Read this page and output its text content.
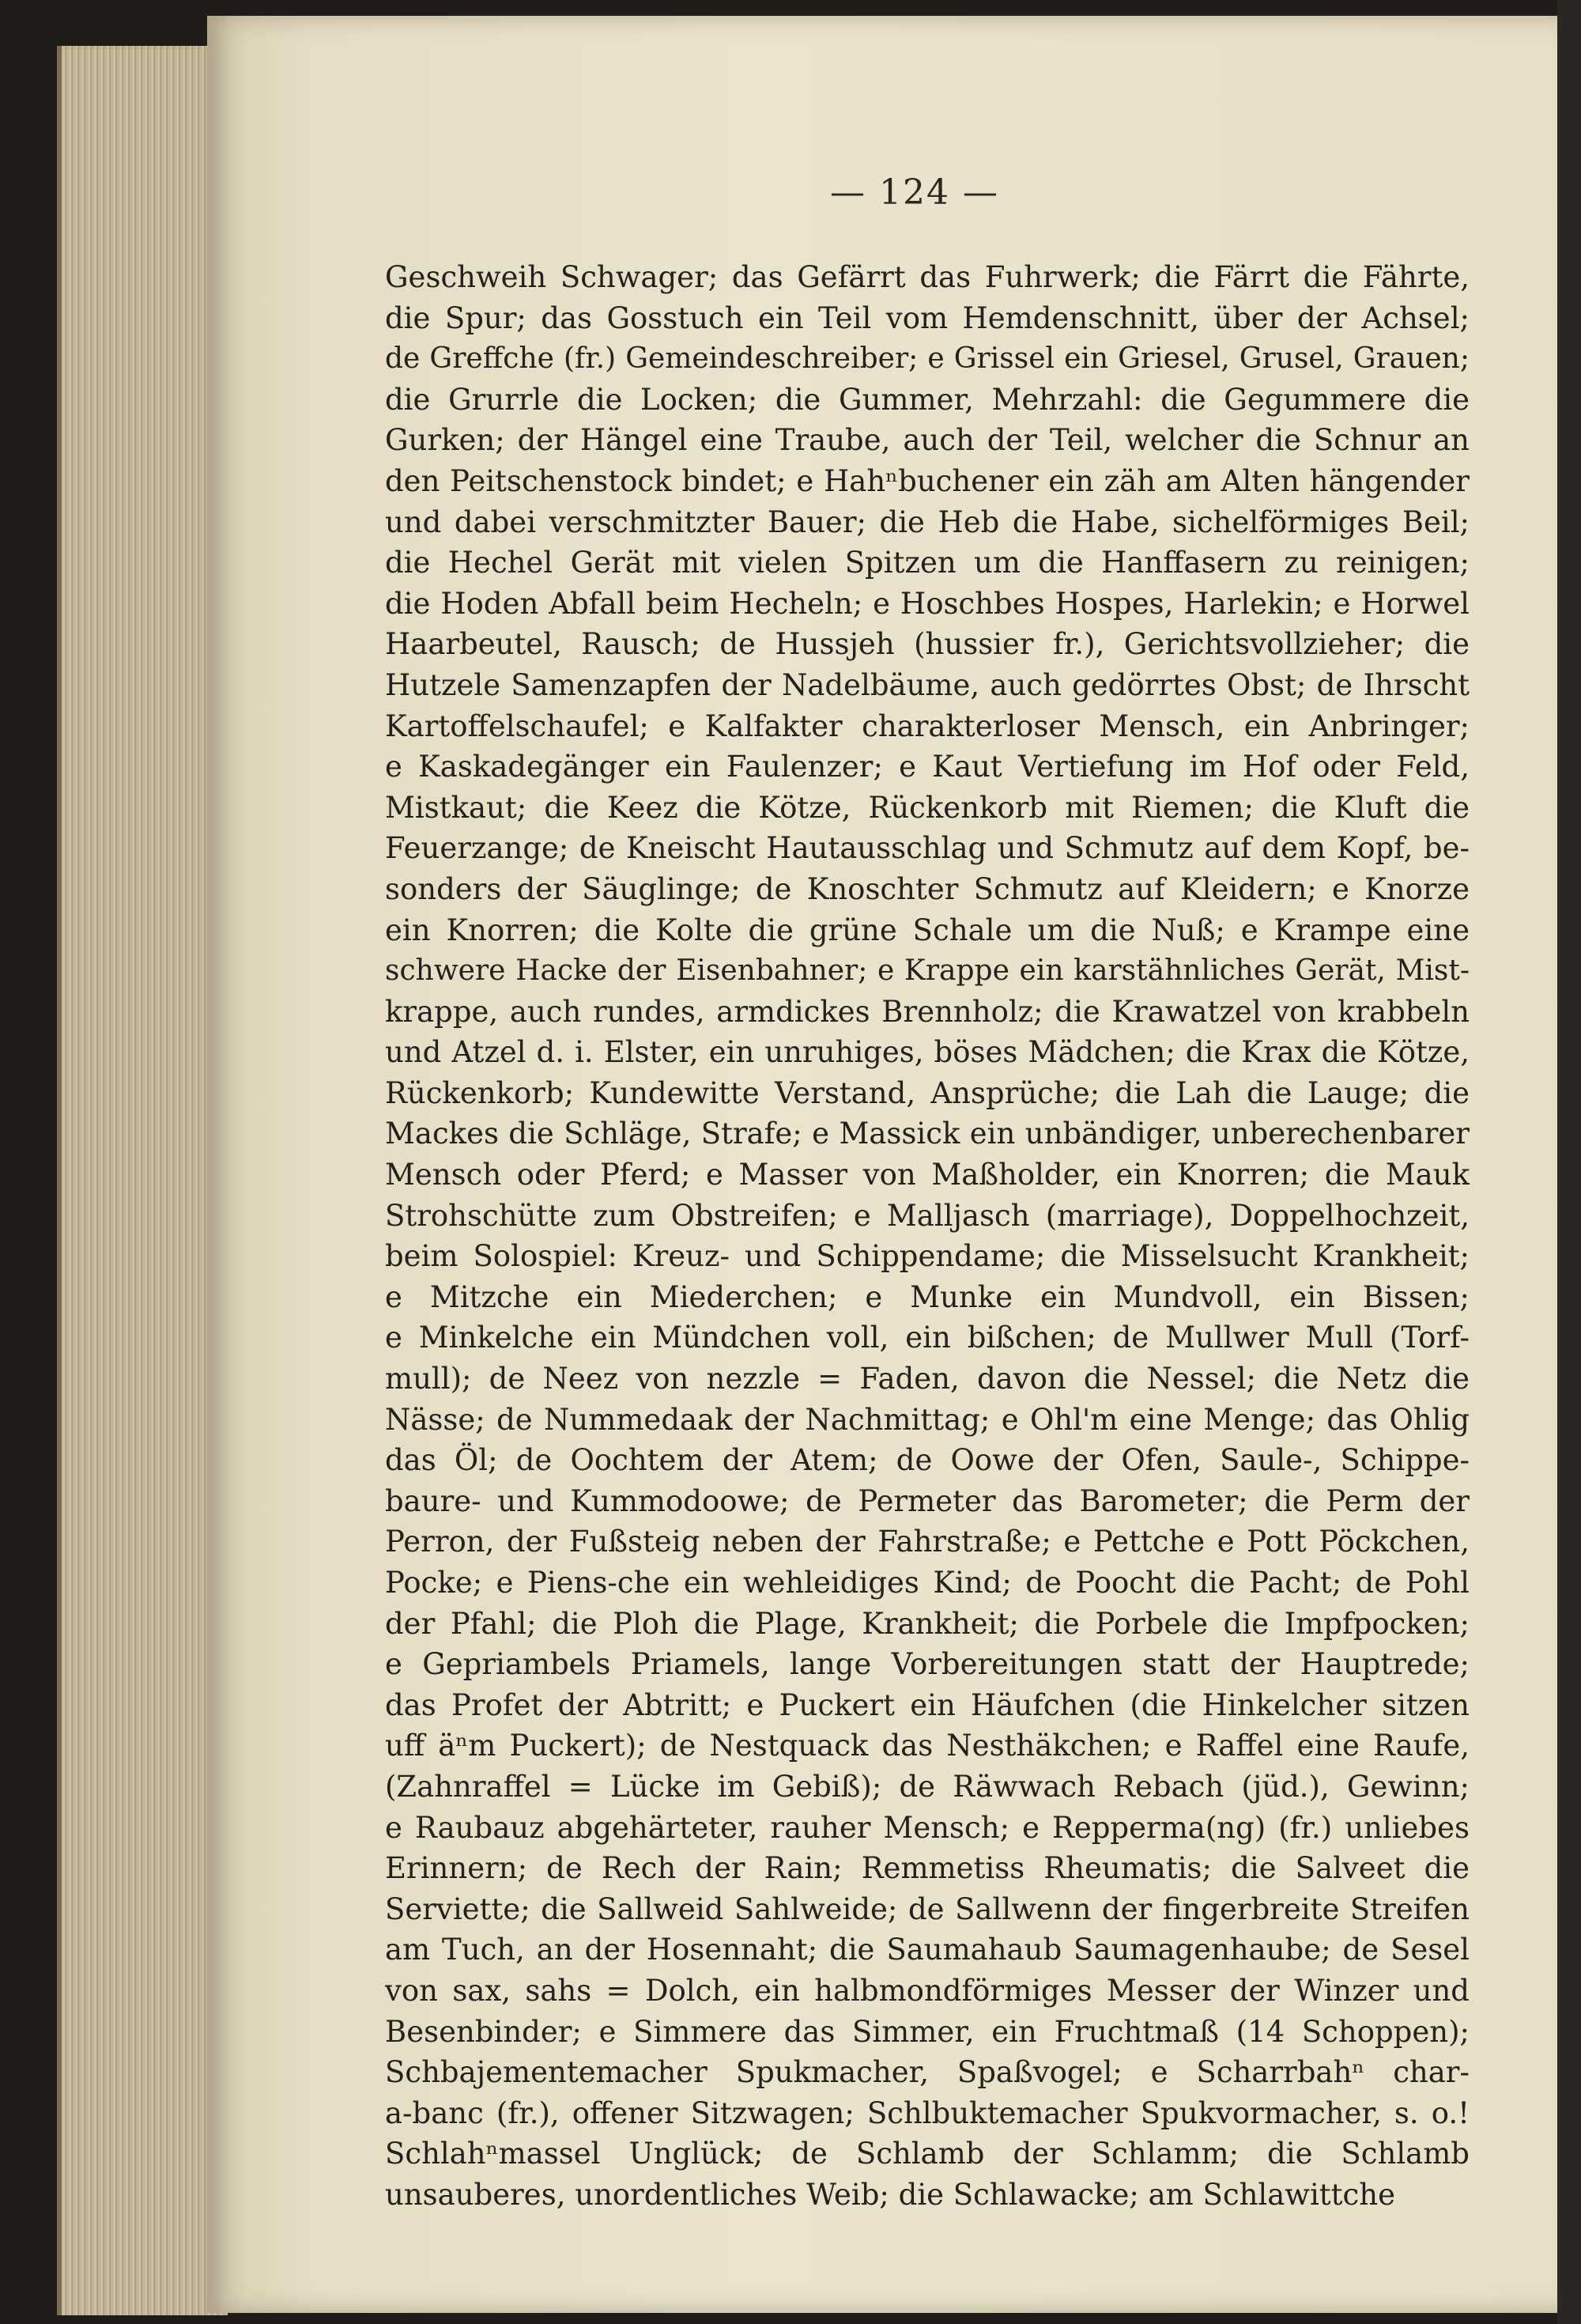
— 124 —
Geschweih Schwager; das Gefärrt das Fuhrwerk; die Färrt die Fährte,
die Spur; das Gosstuch ein Teil vom Hemdenschnitt, über der Achsel;
de Greffche (fr.) Gemeindeschreiber; e Grissel ein Griesel, Grusel, Grauen;
die Grurrle die Locken; die Gummer, Mehrzahl: die Gegummere die
Gurken; der Hängel eine Traube, auch der Teil, welcher die Schnur an
den Peitschenstock bindet; e Hahⁿbuchener ein zäh am Alten hängender
und dabei verschmitzter Bauer; die Heb die Habe, sichelförmiges Beil;
die Hechel Gerät mit vielen Spitzen um die Hanffasern zu reinigen;
die Hoden Abfall beim Hecheln; e Hoschbes Hospes, Harlekin; e Horwel
Haarbeutel, Rausch; de Hussjeh (hussier fr.), Gerichtsvollzieher; die
Hutzele Samenzapfen der Nadelbäume, auch gedörrtes Obst; de Ihrscht
Kartoffelschaufel; e Kalfakter charakterloser Mensch, ein Anbringer;
e Kaskadegänger ein Faulenzer; e Kaut Vertiefung im Hof oder Feld,
Mistkaut; die Keez die Kötze, Rückenkorb mit Riemen; die Kluft die
Feuerzange; de Kneischt Hautausschlag und Schmutz auf dem Kopf, be-
sonders der Säuglinge; de Knoschter Schmutz auf Kleidern; e Knorze
ein Knorren; die Kolte die grüne Schale um die Nuß; e Krampe eine
schwere Hacke der Eisenbahner; e Krappe ein karstähnliches Gerät, Mist-
krappe, auch rundes, armdickes Brennholz; die Krawatzel von krabbeln
und Atzel d. i. Elster, ein unruhiges, böses Mädchen; die Krax die Kötze,
Rückenkorb; Kundewitte Verstand, Ansprüche; die Lah die Lauge; die
Mackes die Schläge, Strafe; e Massick ein unbändiger, unberechenbarer
Mensch oder Pferd; e Masser von Maßholder, ein Knorren; die Mauk
Strohschütte zum Obstreifen; e Malljasch (marriage), Doppelhochzeit,
beim Solospiel: Kreuz- und Schippendame; die Misselsucht Krankheit;
e Mitzche ein Miederchen; e Munke ein Mundvoll, ein Bissen;
e Minkelche ein Mündchen voll, ein bißchen; de Mullwer Mull (Torf-
mull); de Neez von nezzle = Faden, davon die Nessel; die Netz die
Nässe; de Nummedaak der Nachmittag; e Ohl'm eine Menge; das Ohlig
das Öl; de Oochtem der Atem; de Oowe der Ofen, Saule-, Schippe-
baure- und Kummodoowe; de Permeter das Barometer; die Perm der
Perron, der Fußsteig neben der Fahrstraße; e Pettche e Pott Pöckchen,
Pocke; e Piens-che ein wehleidiges Kind; de Poocht die Pacht; de Pohl
der Pfahl; die Ploh die Plage, Krankheit; die Porbele die Impfpocken;
e Gepriambels Priamels, lange Vorbereitungen statt der Hauptrede;
das Profet der Abtritt; e Puckert ein Häufchen (die Hinkelcher sitzen
uff äⁿm Puckert); de Nestquack das Nesthäkchen; e Raffel eine Raufe,
(Zahnraffel = Lücke im Gebiß); de Räwwach Rebach (jüd.), Gewinn;
e Raubauz abgehärteter, rauher Mensch; e Repperma(ng) (fr.) unliebes
Erinnern; de Rech der Rain; Remmetiss Rheumatis; die Salveet die
Serviette; die Sallweid Sahlweide; de Sallwenn der fingerbreite Streifen
am Tuch, an der Hosennaht; die Saumahaub Saumagenhaube; de Sesel
von sax, sahs = Dolch, ein halbmondförmiges Messer der Winzer und
Besenbinder; e Simmere das Simmer, ein Fruchtmaß (14 Schoppen);
Schbajementemacher Spukmacher, Spaßvogel; e Scharrbahⁿ char-
a-banc (fr.), offener Sitzwagen; Schlbuktemacher Spukvormacher, s. o.!
Schlahⁿmassel Unglück; de Schlamb der Schlamm; die Schlamb
unsauberes, unordentliches Weib; die Schlawacke; am Schlawittche
